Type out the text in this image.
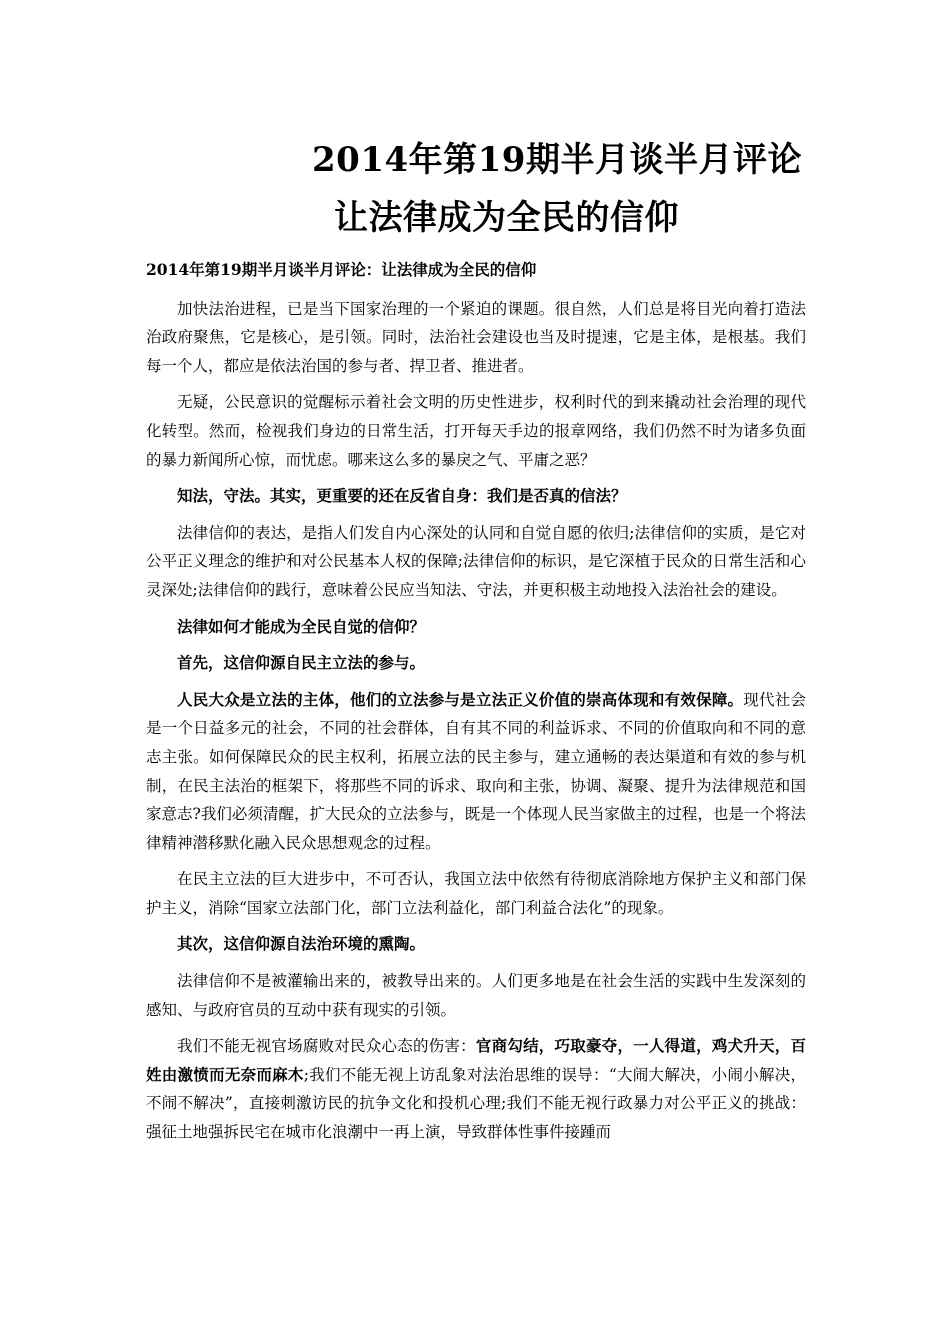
2014年第19期半月谈半月评论
让法律成为全民的信仰

2014年第19期半月谈半月评论：让法律成为全民的信仰

加快法治进程，已是当下国家治理的一个紧迫的课题。很自然，人们总是将目光向着打造法治政府聚焦，它是核心，是引领。同时，法治社会建设也当及时提速，它是主体，是根基。我们每一个人，都应是依法治国的参与者、捍卫者、推进者。

无疑，公民意识的觉醒标示着社会文明的历史性进步，权利时代的到来撬动社会治理的现代化转型。然而，检视我们身边的日常生活，打开每天手边的报章网络，我们仍然不时为诸多负面的暴力新闻所心惊，而忧虑。哪来这么多的暴戾之气、平庸之恶？

知法，守法。其实，更重要的还在反省自身：我们是否真的信法？

法律信仰的表达，是指人们发自内心深处的认同和自觉自愿的依归;法律信仰的实质，是它对公平正义理念的维护和对公民基本人权的保障;法律信仰的标识，是它深植于民众的日常生活和心灵深处;法律信仰的践行，意味着公民应当知法、守法，并更积极主动地投入法治社会的建设。

法律如何才能成为全民自觉的信仰？

首先，这信仰源自民主立法的参与。

人民大众是立法的主体，他们的立法参与是立法正义价值的崇高体现和有效保障。现代社会是一个日益多元的社会，不同的社会群体，自有其不同的利益诉求、不同的价值取向和不同的意志主张。如何保障民众的民主权利，拓展立法的民主参与，建立通畅的表达渠道和有效的参与机制，在民主法治的框架下，将那些不同的诉求、取向和主张，协调、凝聚、提升为法律规范和国家意志?我们必须清醒，扩大民众的立法参与，既是一个体现人民当家做主的过程，也是一个将法律精神潜移默化融入民众思想观念的过程。

在民主立法的巨大进步中，不可否认，我国立法中依然有待彻底消除地方保护主义和部门保护主义，消除“国家立法部门化，部门立法利益化，部门利益合法化”的现象。

其次，这信仰源自法治环境的熏陶。

法律信仰不是被灌输出来的，被教导出来的。人们更多地是在社会生活的实践中生发深刻的感知、与政府官员的互动中获有现实的引领。

我们不能无视官场腐败对民众心态的伤害：官商勾结，巧取豪夺，一人得道，鸡犬升天，百姓由激愤而无奈而麻木;我们不能无视上访乱象对法治思维的误导：“大闹大解决，小闹小解决，不闹不解决”，直接刺激访民的抗争文化和投机心理;我们不能无视行政暴力对公平正义的挑战：强征土地强拆民宅在城市化浪潮中一再上演，导致群体性事件接踵而
